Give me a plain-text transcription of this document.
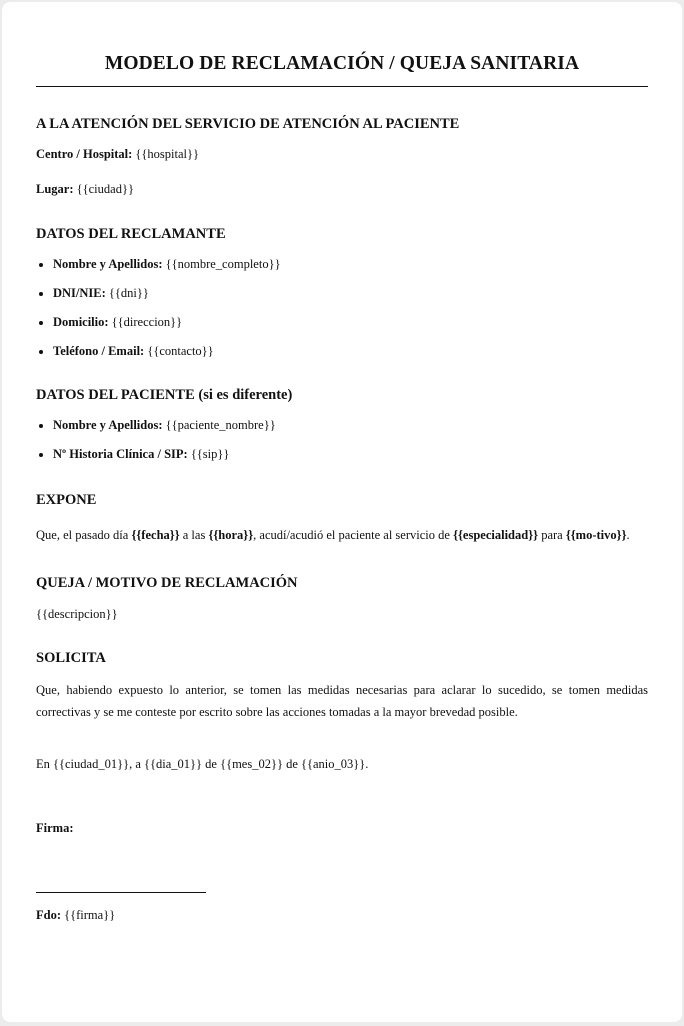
MODELO DE RECLAMACIÓN / QUEJA SANITARIA
A LA ATENCIÓN DEL SERVICIO DE ATENCIÓN AL PACIENTE

Centro / Hospital: {{hospital}}

Lugar: {{ciudad}}

DATOS DEL RECLAMANTE
• Nombre y Apellidos: {{nombre_completo}}
• DNI/NIE: {{dni}}
• Domicilio: {{direccion}}
• Teléfono / Email: {{contacto}}
DATOS DEL PACIENTE (si es diferente)
• Nombre y Apellidos: {{paciente_nombre}}
• Nº Historia Clínica / SIP: {{sip}}
EXPONE

Que, el pasado día {{fecha}} a las {{hora}}, acudí/acudió el paciente al servicio de {{especialidad}} para {{mo-tivo}}.

QUEJA / MOTIVO DE RECLAMACIÓN

{{descripcion}}

SOLICITA

Que, habiendo expuesto lo anterior, se tomen las medidas necesarias para aclarar lo sucedido, se tomen medidas correctivas y se me conteste por escrito sobre las acciones tomadas a la mayor brevedad posible.

En {{ciudad_01}}, a {{dia_01}} de {{mes_02}} de {{anio_03}}.

Firma:

Fdo: {{firma}}
